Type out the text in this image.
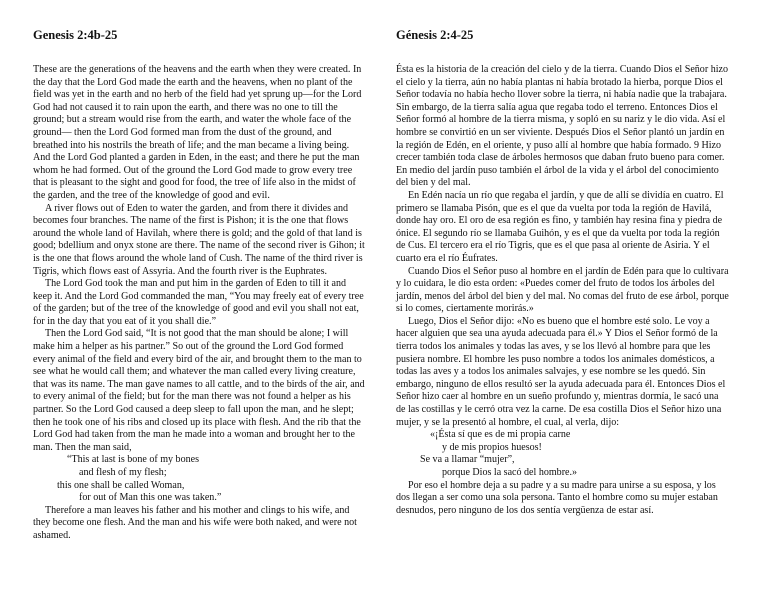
Genesis 2:4b-25

These are the generations of the heavens and the earth when they were created. In the day that the Lord God made the earth and the heavens, when no plant of the field was yet in the earth and no herb of the field had yet sprung up—for the Lord God had not caused it to rain upon the earth, and there was no one to till the ground; but a stream would rise from the earth, and water the whole face of the ground— then the Lord God formed man from the dust of the ground, and breathed into his nostrils the breath of life; and the man became a living being. And the Lord God planted a garden in Eden, in the east; and there he put the man whom he had formed. Out of the ground the Lord God made to grow every tree that is pleasant to the sight and good for food, the tree of life also in the midst of the garden, and the tree of the knowledge of good and evil.

A river flows out of Eden to water the garden, and from there it divides and becomes four branches. The name of the first is Pishon; it is the one that flows around the whole land of Havilah, where there is gold; and the gold of that land is good; bdellium and onyx stone are there. The name of the second river is Gihon; it is the one that flows around the whole land of Cush. The name of the third river is Tigris, which flows east of Assyria. And the fourth river is the Euphrates.

The Lord God took the man and put him in the garden of Eden to till it and keep it. And the Lord God commanded the man, “You may freely eat of every tree of the garden; but of the tree of the knowledge of good and evil you shall not eat, for in the day that you eat of it you shall die.”

Then the Lord God said, “It is not good that the man should be alone; I will make him a helper as his partner.” So out of the ground the Lord God formed every animal of the field and every bird of the air, and brought them to the man to see what he would call them; and whatever the man called every living creature, that was its name. The man gave names to all cattle, and to the birds of the air, and to every animal of the field; but for the man there was not found a helper as his partner. So the Lord God caused a deep sleep to fall upon the man, and he slept; then he took one of his ribs and closed up its place with flesh. And the rib that the Lord God had taken from the man he made into a woman and brought her to the man. Then the man said,

“This at last is bone of my bones
and flesh of my flesh;
this one shall be called Woman,
for out of Man this one was taken.”

Therefore a man leaves his father and his mother and clings to his wife, and they become one flesh. And the man and his wife were both naked, and were not ashamed.

Génesis 2:4-25

Ésta es la historia de la creación del cielo y de la tierra. Cuando Dios el Señor hizo el cielo y la tierra, aún no había plantas ni había brotado la hierba, porque Dios el Señor todavía no había hecho llover sobre la tierra, ni había nadie que la trabajara. Sin embargo, de la tierra salía agua que regaba todo el terreno. Entonces Dios el Señor formó al hombre de la tierra misma, y sopló en su nariz y le dio vida. Así el hombre se convirtió en un ser viviente. Después Dios el Señor plantó un jardín en la región de Edén, en el oriente, y puso allí al hombre que había formado. 9 Hizo crecer también toda clase de árboles hermosos que daban fruto bueno para comer. En medio del jardín puso también el árbol de la vida y el árbol del conocimiento del bien y del mal.

En Edén nacía un río que regaba el jardín, y que de allí se dividía en cuatro. El primero se llamaba Pisón, que es el que da vuelta por toda la región de Havilá, donde hay oro. El oro de esa región es fino, y también hay resina fina y piedra de ónice. El segundo río se llamaba Guihón, y es el que da vuelta por toda la región de Cus. El tercero era el río Tigris, que es el que pasa al oriente de Asiria. Y el cuarto era el río Éufrates.

Cuando Dios el Señor puso al hombre en el jardín de Edén para que lo cultivara y lo cuidara, le dio esta orden: «Puedes comer del fruto de todos los árboles del jardín, menos del árbol del bien y del mal. No comas del fruto de ese árbol, porque si lo comes, ciertamente morirás.»

Luego, Dios el Señor dijo: «No es bueno que el hombre esté solo. Le voy a hacer alguien que sea una ayuda adecuada para él.» Y Dios el Señor formó de la tierra todos los animales y todas las aves, y se los llevó al hombre para que les pusiera nombre. El hombre les puso nombre a todos los animales domésticos, a todas las aves y a todos los animales salvajes, y ese nombre se les quedó. Sin embargo, ninguno de ellos resultó ser la ayuda adecuada para él. Entonces Dios el Señor hizo caer al hombre en un sueño profundo y, mientras dormía, le sacó una de las costillas y le cerró otra vez la carne. De esa costilla Dios el Señor hizo una mujer, y se la presentó al hombre, el cual, al verla, dijo:

«¡Ésta sí que es de mi propia carne
y de mis propios huesos!
Se va a llamar “mujer”,
porque Dios la sacó del hombre.»

Por eso el hombre deja a su padre y a su madre para unirse a su esposa, y los dos llegan a ser como una sola persona. Tanto el hombre como su mujer estaban desnudos, pero ninguno de los dos sentía vergüenza de estar así.
